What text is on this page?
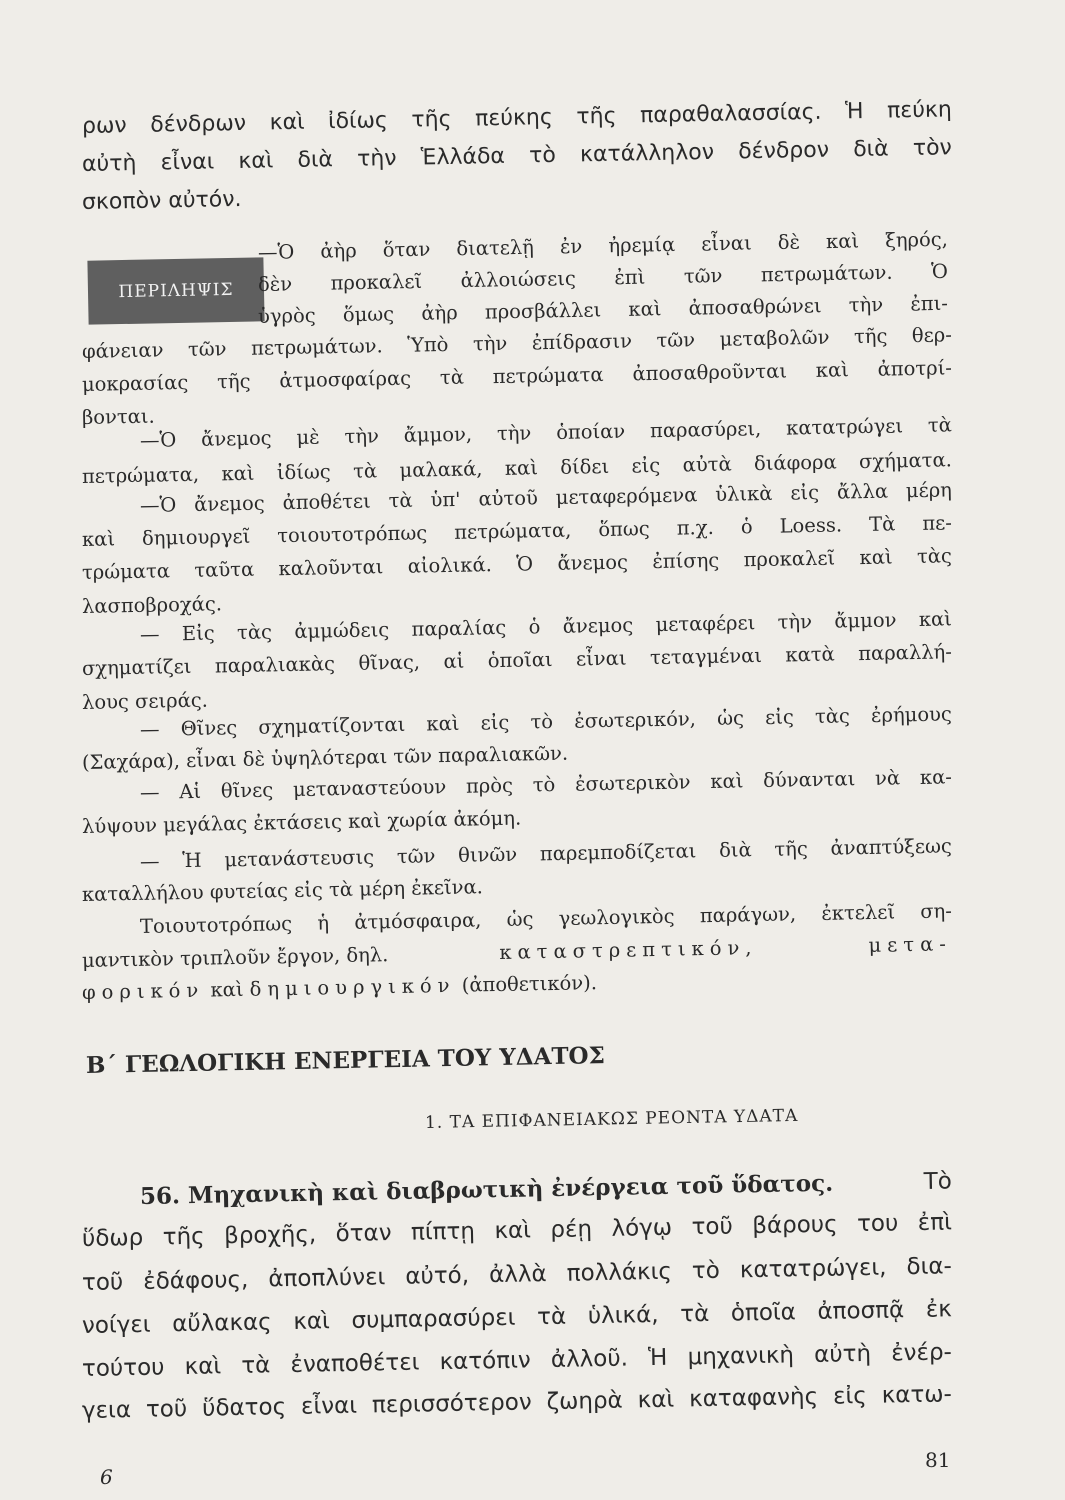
ρων δένδρων καὶ ἰδίως τῆς πεύκης τῆς παραθαλασσίας. Ἡ πεύκη
αὐτὴ εἶναι καὶ διὰ τὴν Ἑλλάδα τὸ κατάλληλον δένδρον διὰ τὸν
σκοπὸν αὐτόν.
ΠΕΡΙΛΗΨΙΣ
—Ὁ ἀὴρ ὅταν διατελῇ ἐν ἠρεμίᾳ εἶναι δὲ καὶ ξηρός,
δὲν προκαλεῖ ἀλλοιώσεις ἐπὶ τῶν πετρωμάτων. Ὁ
ὑγρὸς ὅμως ἀὴρ προσβάλλει καὶ ἀποσαθρώνει τὴν ἐπι-
φάνειαν τῶν πετρωμάτων. Ὑπὸ τὴν ἐπίδρασιν τῶν μεταβολῶν τῆς θερ-
μοκρασίας τῆς ἀτμοσφαίρας τὰ πετρώματα ἀποσαθροῦνται καὶ ἀποτρί-
βονται.
—Ὁ ἄνεμος μὲ τὴν ἄμμον, τὴν ὁποίαν παρασύρει, κατατρώγει τὰ
πετρώματα, καὶ ἰδίως τὰ μαλακά, καὶ δίδει εἰς αὐτὰ διάφορα σχήματα.
—Ὁ ἄνεμος ἀποθέτει τὰ ὑπ' αὐτοῦ μεταφερόμενα ὑλικὰ εἰς ἄλλα μέρη
καὶ δημιουργεῖ τοιουτοτρόπως πετρώματα, ὅπως π.χ. ὁ Loess. Τὰ πε-
τρώματα ταῦτα καλοῦνται αἰολικά. Ὁ ἄνεμος ἐπίσης προκαλεῖ καὶ τὰς
λασποβροχάς.
— Εἰς τὰς ἀμμώδεις παραλίας ὁ ἄνεμος μεταφέρει τὴν ἄμμον καὶ
σχηματίζει παραλιακὰς θῖνας, αἱ ὁποῖαι εἶναι τεταγμέναι κατὰ παραλλή-
λους σειράς.
— Θῖνες σχηματίζονται καὶ εἰς τὸ ἐσωτερικόν, ὡς εἰς τὰς ἐρήμους
(Σαχάρα), εἶναι δὲ ὑψηλότεραι τῶν παραλιακῶν.
— Αἱ θῖνες μεταναστεύουν πρὸς τὸ ἐσωτερικὸν καὶ δύνανται νὰ κα-
λύψουν μεγάλας ἐκτάσεις καὶ χωρία ἀκόμη.
— Ἡ μετανάστευσις τῶν θινῶν παρεμποδίζεται διὰ τῆς ἀναπτύξεως
καταλλήλου φυτείας εἰς τὰ μέρη ἐκεῖνα.
Τοιουτοτρόπως ἡ ἀτμόσφαιρα, ὡς γεωλογικὸς παράγων, ἐκτελεῖ ση-
μαντικὸν τριπλοῦν ἔργον, δηλ.	καταστρεπτικόν,	μετα-
φορικόν καὶ δημιουργικόν (ἀποθετικόν).
Β΄ ΓΕΩΛΟΓΙΚΗ ΕΝΕΡΓΕΙΑ ΤΟΥ ΥΔΑΤΟΣ
1. ΤΑ ΕΠΙΦΑΝΕΙΑΚΩΣ ΡΕΟΝΤΑ ΥΔΑΤΑ
56. Μηχανικὴ καὶ διαβρωτικὴ ἐνέργεια τοῦ ὕδατος.	Τὸ
ὕδωρ τῆς βροχῆς, ὅταν πίπτῃ καὶ ρέῃ λόγῳ τοῦ βάρους του ἐπὶ
τοῦ ἐδάφους, ἀποπλύνει αὐτό, ἀλλὰ πολλάκις τὸ κατατρώγει, δια-
νοίγει αὔλακας καὶ συμπαρασύρει τὰ ὑλικά, τὰ ὁποῖα ἀποσπᾷ ἐκ
τούτου καὶ τὰ ἐναποθέτει κατόπιν ἀλλοῦ. Ἡ μηχανικὴ αὐτὴ ἐνέρ-
γεια τοῦ ὕδατος εἶναι περισσότερον ζωηρὰ καὶ καταφανὴς εἰς κατω-
6
81
